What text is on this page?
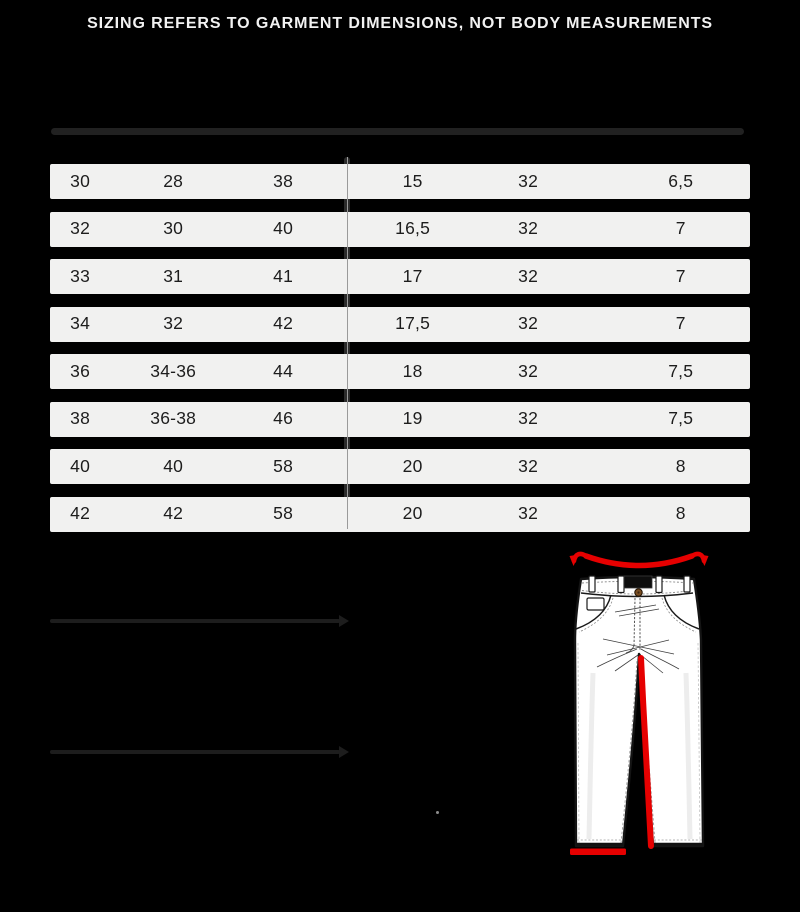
SIZING REFERS TO GARMENT DIMENSIONS, NOT BODY MEASUREMENTS
30	28	38	15	32	6,5
32	30	40	16,5	32	7
33	31	41	17	32	7
34	32	42	17,5	32	7
36	34-36	44	18	32	7,5
38	36-38	46	19	32	7,5
40	40	58	20	32	8
42	42	58	20	32	8
